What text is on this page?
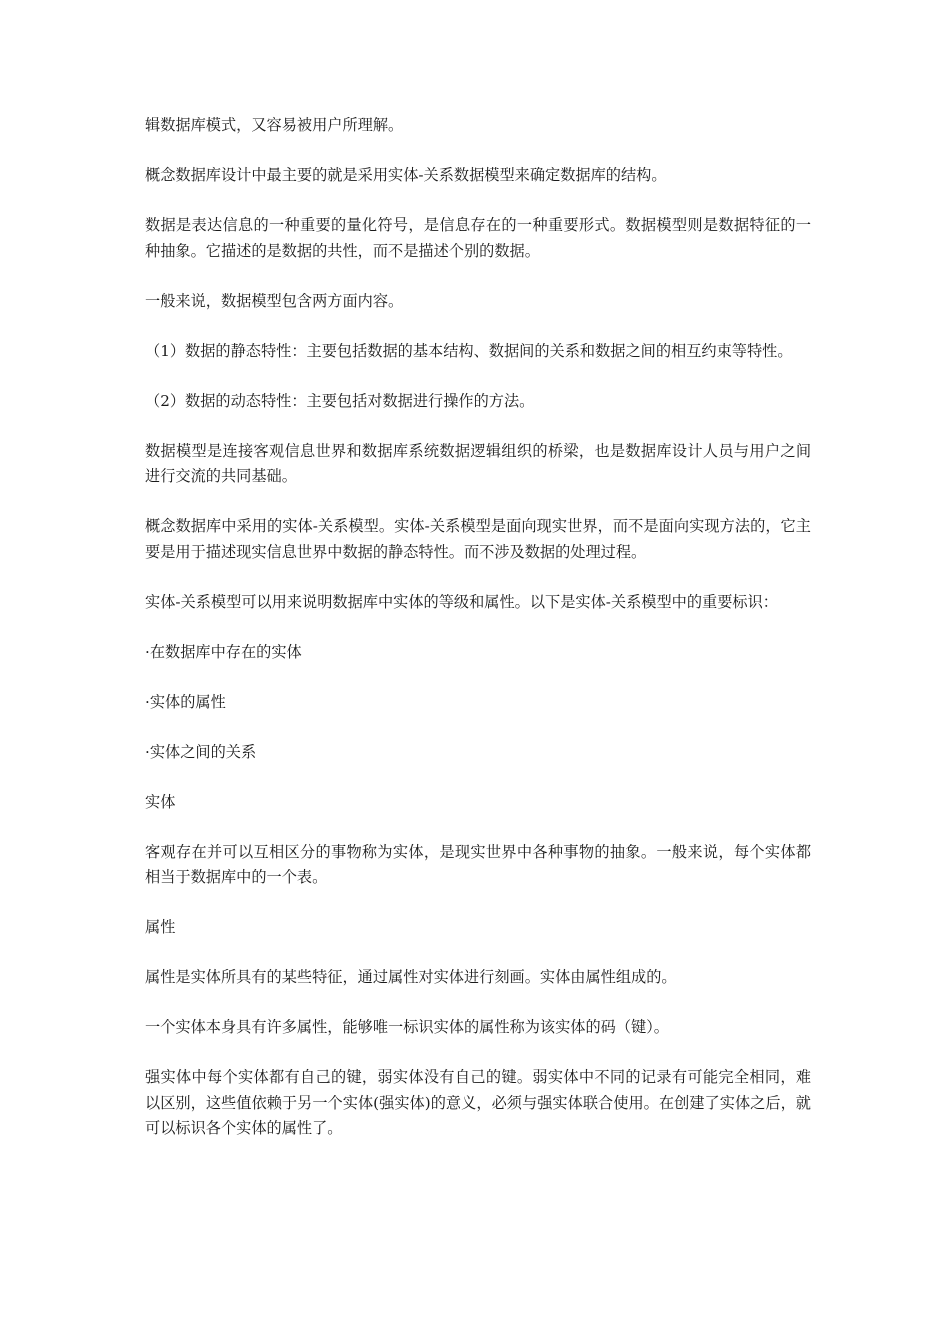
辑数据库模式，又容易被用户所理解。

概念数据库设计中最主要的就是采用实体-关系数据模型来确定数据库的结构。

数据是表达信息的一种重要的量化符号，是信息存在的一种重要形式。数据模型则是数据特征的一种抽象。它描述的是数据的共性，而不是描述个别的数据。

一般来说，数据模型包含两方面内容。

（1）数据的静态特性：主要包括数据的基本结构、数据间的关系和数据之间的相互约束等特性。

（2）数据的动态特性：主要包括对数据进行操作的方法。

数据模型是连接客观信息世界和数据库系统数据逻辑组织的桥梁，也是数据库设计人员与用户之间进行交流的共同基础。

概念数据库中采用的实体-关系模型。实体-关系模型是面向现实世界，而不是面向实现方法的，它主要是用于描述现实信息世界中数据的静态特性。而不涉及数据的处理过程。

实体-关系模型可以用来说明数据库中实体的等级和属性。以下是实体-关系模型中的重要标识：

·在数据库中存在的实体

·实体的属性

·实体之间的关系

实体

客观存在并可以互相区分的事物称为实体，是现实世界中各种事物的抽象。一般来说，每个实体都相当于数据库中的一个表。

属性

属性是实体所具有的某些特征，通过属性对实体进行刻画。实体由属性组成的。

一个实体本身具有许多属性，能够唯一标识实体的属性称为该实体的码（键）。

强实体中每个实体都有自己的键，弱实体没有自己的键。弱实体中不同的记录有可能完全相同，难以区别，这些值依赖于另一个实体(强实体)的意义，必须与强实体联合使用。在创建了实体之后，就可以标识各个实体的属性了。
